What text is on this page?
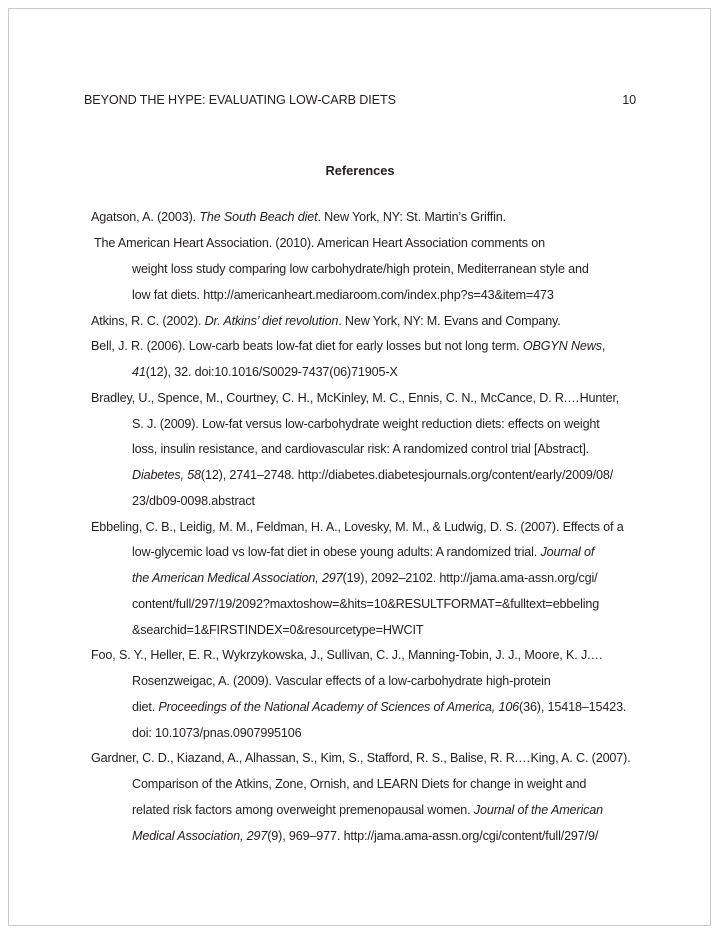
BEYOND THE HYPE: EVALUATING LOW-CARB DIETS	10
References
Agatson, A. (2003). The South Beach diet. New York, NY: St. Martin’s Griffin.
The American Heart Association. (2010). American Heart Association comments on
weight loss study comparing low carbohydrate/high protein, Mediterranean style and
low fat diets. http://americanheart.mediaroom.com/index.php?s=43&item=473
Atkins, R. C. (2002). Dr. Atkins’ diet revolution. New York, NY: M. Evans and Company.
Bell, J. R. (2006). Low-carb beats low-fat diet for early losses but not long term. OBGYN News,
41(12), 32. doi:10.1016/S0029-7437(06)71905-X
Bradley, U., Spence, M., Courtney, C. H., McKinley, M. C., Ennis, C. N., McCance, D. R.…Hunter,
S. J. (2009). Low-fat versus low-carbohydrate weight reduction diets: effects on weight
loss, insulin resistance, and cardiovascular risk: A randomized control trial [Abstract].
Diabetes, 58(12), 2741–2748. http://diabetes.diabetesjournals.org/content/early/2009/08/
23/db09-0098.abstract
Ebbeling, C. B., Leidig, M. M., Feldman, H. A., Lovesky, M. M., & Ludwig, D. S. (2007). Effects of a
low-glycemic load vs low-fat diet in obese young adults: A randomized trial. Journal of
the American Medical Association, 297(19), 2092–2102. http://jama.ama-assn.org/cgi/
content/full/297/19/2092?maxtoshow=&hits=10&RESULTFORMAT=&fulltext=ebbeling
&searchid=1&FIRSTINDEX=0&resourcetype=HWCIT
Foo, S. Y., Heller, E. R., Wykrzykowska, J., Sullivan, C. J., Manning-Tobin, J. J., Moore, K. J.…
Rosenzweigac, A. (2009). Vascular effects of a low-carbohydrate high-protein
diet. Proceedings of the National Academy of Sciences of America, 106(36), 15418–15423.
doi: 10.1073/pnas.0907995106
Gardner, C. D., Kiazand, A., Alhassan, S., Kim, S., Stafford, R. S., Balise, R. R.…King, A. C. (2007).
Comparison of the Atkins, Zone, Ornish, and LEARN Diets for change in weight and
related risk factors among overweight premenopausal women. Journal of the American
Medical Association, 297(9), 969–977. http://jama.ama-assn.org/cgi/content/full/297/9/
